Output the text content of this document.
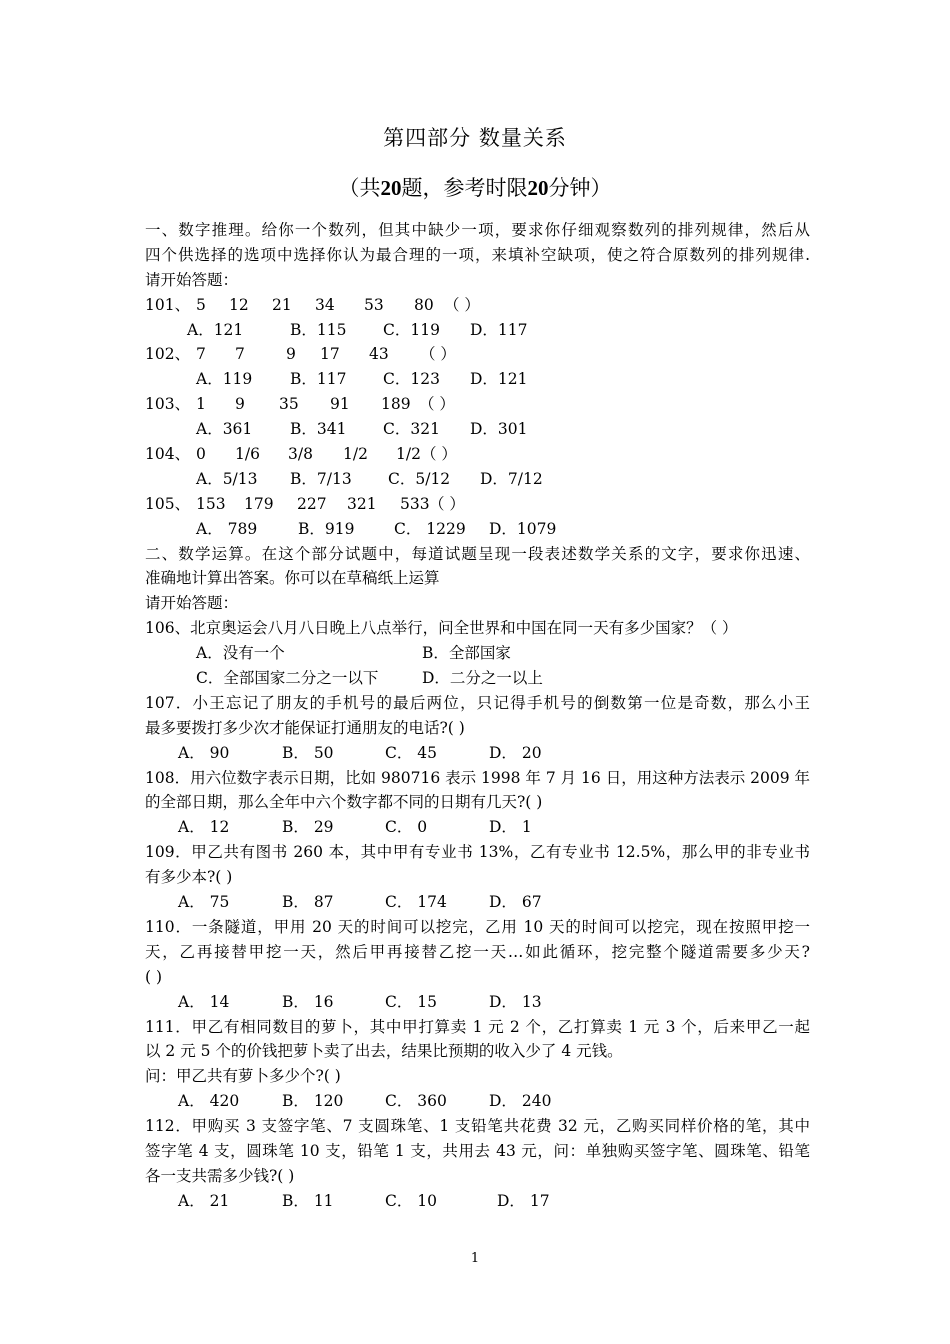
第四部分 数量关系
（共20题，参考时限20分钟）
一、数字推理。给你一个数列，但其中缺少一项，要求你仔细观察数列的排列规律，然后从
四个供选择的选项中选择你认为最合理的一项，来填补空缺项，使之符合原数列的排列规律.
请开始答题：
101、 5	12	21	34	53	80 （ ）
A．121	B．115	C．119	D．117
102、 7	7	9	17	43	（ ）
A．119	B．117	C．123	D．121
103、 1	9	35	91	189 （ ）
A．361	B．341	C．321	D．301
104、 0	1/6	3/8	1/2	1/2 （ ）
A．5/13	B．7/13	C．5/12	D．7/12
105、 153	179	227	321	533 （ ）
A． 789	B．919	C． 1229	D．1079
二、数学运算。在这个部分试题中，每道试题呈现一段表述数学关系的文字，要求你迅速、
准确地计算出答案。你可以在草稿纸上运算
请开始答题：
106、北京奥运会八月八日晚上八点举行，问全世界和中国在同一天有多少国家？（ ）
A．没有一个	B．全部国家
C．全部国家二分之一以下	D．二分之一以上
107．小王忘记了朋友的手机号的最后两位，只记得手机号的倒数第一位是奇数，那么小王
最多要拨打多少次才能保证打通朋友的电话?( )
A． 90	B． 50	C． 45	D． 20
108．用六位数字表示日期，比如 980716 表示 1998 年 7 月 16 日，用这种方法表示 2009 年
的全部日期，那么全年中六个数字都不同的日期有几天?( )
A． 12	B． 29	C． 0	D． 1
109．甲乙共有图书 260 本，其中甲有专业书 13%，乙有专业书 12.5%，那么甲的非专业书
有多少本?( )
A． 75	B． 87	C． 174	D． 67
110．一条隧道，甲用 20 天的时间可以挖完，乙用 10 天的时间可以挖完，现在按照甲挖一
天，乙再接替甲挖一天，然后甲再接替乙挖一天…如此循环，挖完整个隧道需要多少天?
( )
A． 14	B． 16	C． 15	D． 13
111．甲乙有相同数目的萝卜，其中甲打算卖 1 元 2 个，乙打算卖 1 元 3 个，后来甲乙一起
以 2 元 5 个的价钱把萝卜卖了出去，结果比预期的收入少了 4 元钱。
问：甲乙共有萝卜多少个?( )
A． 420	B． 120	C． 360	D． 240
112．甲购买 3 支签字笔、7 支圆珠笔、1 支铅笔共花费 32 元，乙购买同样价格的笔，其中
签字笔 4 支，圆珠笔 10 支，铅笔 1 支，共用去 43 元，问：单独购买签字笔、圆珠笔、铅笔
各一支共需多少钱?( )
A． 21	B． 11	C． 10	D． 17
1
